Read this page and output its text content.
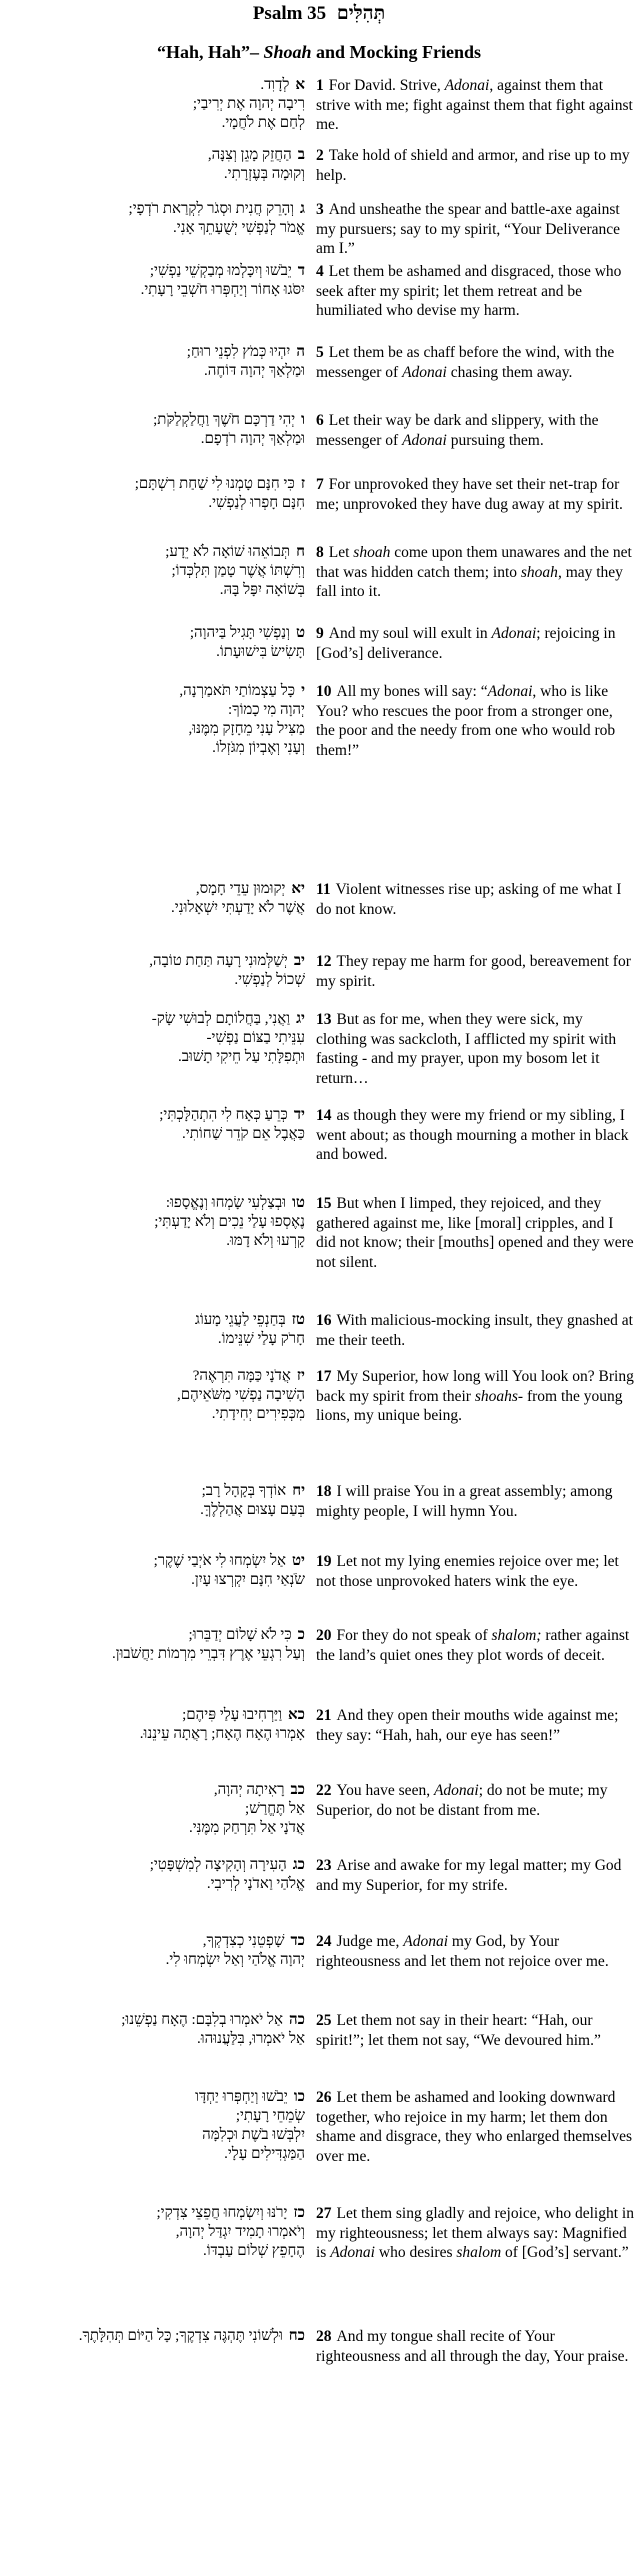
Psalm 35 תְּהִלִּים
“Hah, Hah”– Shoah and Mocking Friends
אלְדָוִד.
רִיבָה יְהוָה אֶת יְרִיבַי;
לְחַם אֶת לֹחֲמָי.
1 For David. Strive, Adonai, against them that strive with me; fight against them that fight against me.
בהַחֲזֵק מָגֵן וְצִנָּה,
וְקוּמָה בְּעֶזְרָתִי.
2 Take hold of shield and armor, and rise up to my help.
גוְהָרֵק חֲנִית וּסְגֹר לִקְרַאת רֹדְפָי;
אֱמֹר לְנַפְשִׁי יְשֻׁעָתֵךְ אָנִי.
3 And unsheathe the spear and battle-axe against my pursuers; say to my spirit, “Your Deliverance am I.”
דיֵבֹשׁוּ וְיִכָּלְמוּ מְבַקְשֵׁי נַפְשִׁי;
יִסֹּגוּ אָחוֹר וְיַחְפְּרוּ חֹשְׁבֵי רָעָתִי.
4 Let them be ashamed and disgraced, those who seek after my spirit; let them retreat and be humiliated who devise my harm.
היִהְיוּ כְּמֹץ לִפְנֵי רוּחַ;
וּמַלְאַךְ יְהוָה דּוֹחֶה.
5 Let them be as chaff before the wind, with the messenger of Adonai chasing them away.
ויְהִי דַרְכָּם חֹשֶׁךְ וַחֲלַקְלַקֹּת;
וּמַלְאַךְ יְהוָה רֹדְפָם.
6 Let their way be dark and slippery, with the messenger of Adonai pursuing them.
זכִּי חִנָּם טָמְנוּ לִי שַׁחַת רִשְׁתָּם;
חִנָּם חָפְרוּ לְנַפְשִׁי.
7 For unprovoked they have set their net-trap for me; unprovoked they have dug away at my spirit.
חתְּבוֹאֵהוּ שׁוֹאָה לֹא יֵדָע;
וְרִשְׁתּוֹ אֲשֶׁר טָמַן תִּלְכְּדוֹ;
בְּשׁוֹאָה יִפָּל בָּהּ.
8 Let shoah come upon them unawares and the net that was hidden catch them; into shoah, may they fall into it.
טוְנַפְשִׁי תָּגִיל בַּיהוָה;
תָּשִׂישׂ בִּישׁוּעָתוֹ.
9 And my soul will exult in Adonai; rejoicing in [God’s] deliverance.
יכָּל עַצְמוֹתַי תֹּאמַרְנָה,
יְהוָה מִי כָמוֹךָ:
מַצִּיל עָנִי מֵחָזָק מִמֶּנּוּ,
וְעָנִי וְאֶבְיוֹן מִגֹּזְלוֹ.
10 All my bones will say: “Adonai, who is like You? who rescues the poor from a stronger one, the poor and the needy from one who would rob them!”
יאיְקוּמוּן עֵדֵי חָמָס,
אֲשֶׁר לֹא יָדַעְתִּי יִשְׁאָלוּנִי.
11 Violent witnesses rise up; asking of me what I do not know.
יביְשַׁלְּמוּנִי רָעָה תַּחַת טוֹבָה,
שְׁכוֹל לְנַפְשִׁי.
12 They repay me harm for good, bereavement for my spirit.
יגוַאֲנִי, בַּחֲלוֹתָם לְבוּשִׁי שָׂק-
עִנֵּיתִי בַצּוֹם נַפְשִׁי-
וּתְפִלָּתִי עַל חֵיקִי תָשׁוּב.
13 But as for me, when they were sick, my clothing was sackcloth, I afflicted my spirit with fasting - and my prayer, upon my bosom let it return…
ידכְּרֵעַ כְּאָח לִי הִתְהַלָּכְתִּי;
כַּאֲבֶל אֵם קֹדֵר שַׁחוֹתִי.
14 as though they were my friend or my sibling, I went about; as though mourning a mother in black and bowed.
טווּבְצַלְעִי שָׂמְחוּ וְנֶאֱסָפוּ:
נֶאֶסְפוּ עָלַי נֵכִים וְלֹא יָדַעְתִּי;
קָרְעוּ וְלֹא דָמּוּ.
15 But when I limped, they rejoiced, and they gathered against me, like [moral] cripples, and I did not know; their [mouths] opened and they were not silent.
טזבְּחַנְפֵי לַעֲגֵי מָעוֹג
חָרֹק עָלַי שִׁנֵּימוֹ.
16 With malicious-mocking insult, they gnashed at me their teeth.
יזאֲדֹנָי כַּמָּה תִּרְאֶה?
הָשִׁיבָה נַפְשִׁי מִשֹּׁאֵיהֶם,
מִכְּפִירִים יְחִידָתִי.
17 My Superior, how long will You look on? Bring back my spirit from their shoahs- from the young lions, my unique being.
יחאוֹדְךָ בְּקָהָל רָב;
בְּעַם עָצוּם אֲהַלְלֶךָּ.
18 I will praise You in a great assembly; among mighty people, I will hymn You.
יטאַל יִשְׂמְחוּ לִי אֹיְבַי שֶׁקֶר;
שֹׂנְאַי חִנָּם יִקְרְצוּ עָיִן.
19 Let not my lying enemies rejoice over me; let not those unprovoked haters wink the eye.
ככִּי לֹא שָׁלוֹם יְדַבֵּרוּ;
וְעַל רִגְעֵי אֶרֶץ דִּבְרֵי מִרְמוֹת יַחֲשֹׁבוּן.
20 For they do not speak of shalom; rather against the land’s quiet ones they plot words of deceit.
כאוַיַּרְחִיבוּ עָלַי פִּיהֶם;
אָמְרוּ הֶאָח הֶאָח; רָאֲתָה עֵינֵנוּ.
21 And they open their mouths wide against me; they say: “Hah, hah, our eye has seen!”
כברָאִיתָה יְהוָה,
אַל תֶּחֱרַשׁ;
אֲדֹנָי אַל תִּרְחַק מִמֶּנִּי.
22 You have seen, Adonai; do not be mute; my Superior, do not be distant from me.
כגהָעִירָה וְהָקִיצָה לְמִשְׁפָּטִי;
אֱלֹהַי וַאדֹנָי לְרִיבִי.
23 Arise and awake for my legal matter; my God and my Superior, for my strife.
כדשָׁפְטֵנִי כְצִדְקְךָ,
יְהוָה אֱלֹהַי וְאַל יִשְׂמְחוּ לִי.
24 Judge me, Adonai my God, by Your righteousness and let them not rejoice over me.
כהאַל יֹאמְרוּ בְלִבָּם: הֶאָח נַפְשֵׁנוּ;
אַל יֹאמְרוּ, בִּלַּעֲנוּהוּ.
25 Let them not say in their heart: “Hah, our spirit!”; let them not say, “We devoured him.”
כויֵבֹשׁוּ וְיַחְפְּרוּ יַחְדָּו
שְׂמֵחֵי רָעָתִי;
יִלְבְּשׁוּ בֹשֶׁת וּכְלִמָּה
הַמַּגְדִּילִים עָלָי.
26 Let them be ashamed and looking downward together, who rejoice in my harm; let them don shame and disgrace, they who enlarged themselves over me.
כזיָרֹנּוּ וְיִשְׂמְחוּ חֲפֵצֵי צִדְקִי;
וְיֹאמְרוּ תָמִיד יִגְדַּל יְהוָה,
הֶחָפֵץ שְׁלוֹם עַבְדּוֹ.
27 Let them sing gladly and rejoice, who delight in my righteousness; let them always say: Magnified is Adonai who desires shalom of [God’s] servant.”
כחוּלְשׁוֹנִי תֶּהְגֶּה צִדְקֶךָ; כָּל הַיּוֹם תְּהִלָּתֶךָ.	28 And my tongue shall recite of Your righteousness and all through the day, Your praise.
